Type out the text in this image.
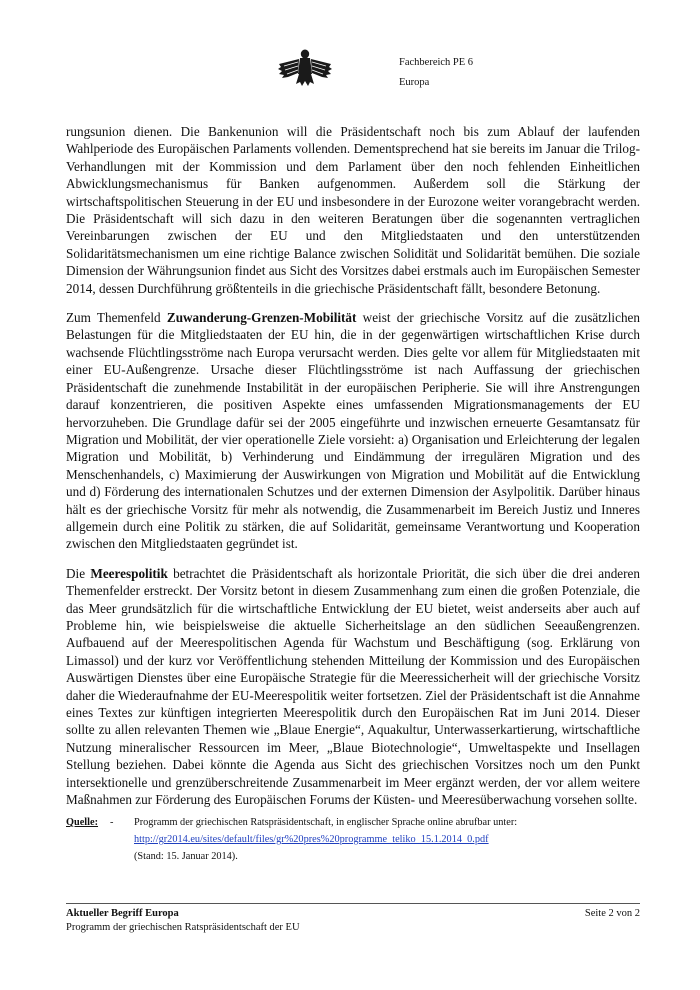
Fachbereich PE 6
Europa

rungsunion dienen. Die Bankenunion will die Präsidentschaft noch bis zum Ablauf der laufenden Wahlperiode des Europäischen Parlaments vollenden. Dementsprechend hat sie bereits im Januar die Trilog-Verhandlungen mit der Kommission und dem Parlament über den noch fehlenden Einheitlichen Abwicklungsmechanismus für Banken aufgenommen. Außerdem soll die Stärkung der wirtschaftspolitischen Steuerung in der EU und insbesondere in der Eurozone weiter vorangebracht werden. Die Präsidentschaft will sich dazu in den weiteren Beratungen über die sogenannten vertraglichen Vereinbarungen zwischen der EU und den Mitgliedstaaten und den unterstützenden Solidaritätsmechanismen um eine richtige Balance zwischen Solidität und Solidarität bemühen. Die soziale Dimension der Währungsunion findet aus Sicht des Vorsitzes dabei erstmals auch im Europäischen Semester 2014, dessen Durchführung größtenteils in die griechische Präsidentschaft fällt, besondere Betonung.

Zum Themenfeld Zuwanderung-Grenzen-Mobilität weist der griechische Vorsitz auf die zusätzlichen Belastungen für die Mitgliedstaaten der EU hin, die in der gegenwärtigen wirtschaftlichen Krise durch wachsende Flüchtlingsströme nach Europa verursacht werden. Dies gelte vor allem für Mitgliedstaaten mit einer EU-Außengrenze. Ursache dieser Flüchtlingsströme ist nach Auffassung der griechischen Präsidentschaft die zunehmende Instabilität in der europäischen Peripherie. Sie will ihre Anstrengungen darauf konzentrieren, die positiven Aspekte eines umfassenden Migrationsmanagements der EU hervorzuheben. Die Grundlage dafür sei der 2005 eingeführte und inzwischen erneuerte Gesamtansatz für Migration und Mobilität, der vier operationelle Ziele vorsieht: a) Organisation und Erleichterung der legalen Migration und Mobilität, b) Verhinderung und Eindämmung der irregulären Migration und des Menschenhandels, c) Maximierung der Auswirkungen von Migration und Mobilität auf die Entwicklung und d) Förderung des internationalen Schutzes und der externen Dimension der Asylpolitik. Darüber hinaus hält es der griechische Vorsitz für mehr als notwendig, die Zusammenarbeit im Bereich Justiz und Inneres allgemein durch eine Politik zu stärken, die auf Solidarität, gemeinsame Verantwortung und Kooperation zwischen den Mitgliedstaaten gegründet ist.

Die Meerespolitik betrachtet die Präsidentschaft als horizontale Priorität, die sich über die drei anderen Themenfelder erstreckt. Der Vorsitz betont in diesem Zusammenhang zum einen die großen Potenziale, die das Meer grundsätzlich für die wirtschaftliche Entwicklung der EU bietet, weist anderseits aber auch auf Probleme hin, wie beispielsweise die aktuelle Sicherheitslage an den südlichen Seeaußengrenzen. Aufbauend auf der Meerespolitischen Agenda für Wachstum und Beschäftigung (sog. Erklärung von Limassol) und der kurz vor Veröffentlichung stehenden Mitteilung der Kommission und des Europäischen Auswärtigen Dienstes über eine Europäische Strategie für die Meeressicherheit will der griechische Vorsitz daher die Wiederaufnahme der EU-Meerespolitik weiter fortsetzen. Ziel der Präsidentschaft ist die Annahme eines Textes zur künftigen integrierten Meerespolitik durch den Europäischen Rat im Juni 2014. Dieser sollte zu allen relevanten Themen wie „Blaue Energie“, Aquakultur, Unterwasserkartierung, wirtschaftliche Nutzung mineralischer Ressourcen im Meer, „Blaue Biotechnologie“, Umweltaspekte und Insellagen Stellung beziehen. Dabei könnte die Agenda aus Sicht des griechischen Vorsitzes noch um den Punkt intersektionelle und grenzüberschreitende Zusammenarbeit im Meer ergänzt werden, der vor allem weitere Maßnahmen zur Förderung des Europäischen Forums der Küsten- und Meeresüberwachung vorsehen sollte.

Quelle: - Programm der griechischen Ratspräsidentschaft, in englischer Sprache online abrufbar unter:
http://gr2014.eu/sites/default/files/gr%20pres%20programme_teliko_15.1.2014_0.pdf
(Stand: 15. Januar 2014).
Aktueller Begriff Europa
Programm der griechischen Ratspräsidentschaft der EU
Seite 2 von 2
